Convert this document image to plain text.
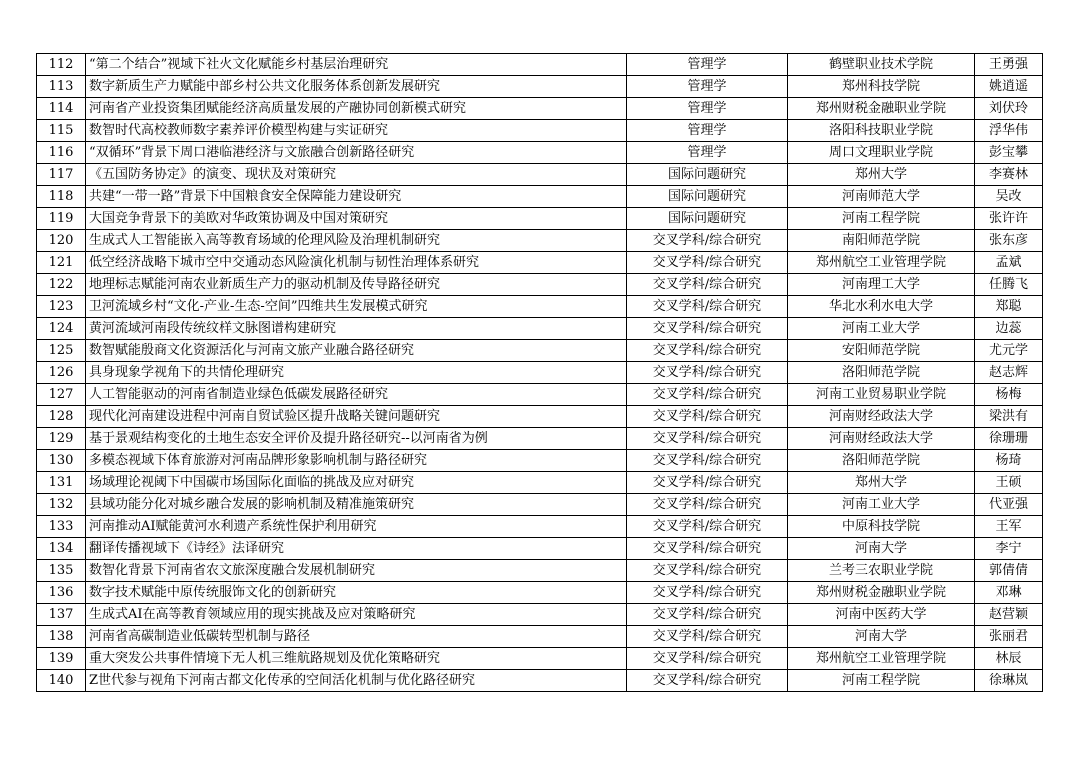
112	“第二个结合”视域下社火文化赋能乡村基层治理研究	管理学	鹤壁职业技术学院	王勇强
113	数字新质生产力赋能中部乡村公共文化服务体系创新发展研究	管理学	郑州科技学院	姚逍遥
114	河南省产业投资集团赋能经济高质量发展的产融协同创新模式研究	管理学	郑州财税金融职业学院	刘伏玲
115	数智时代高校教师数字素养评价模型构建与实证研究	管理学	洛阳科技职业学院	浮华伟
116	“双循环”背景下周口港临港经济与文旅融合创新路径研究	管理学	周口文理职业学院	彭宝攀
117	《五国防务协定》的演变、现状及对策研究	国际问题研究	郑州大学	李赛林
118	共建“一带一路”背景下中国粮食安全保障能力建设研究	国际问题研究	河南师范大学	吴改
119	大国竞争背景下的美欧对华政策协调及中国对策研究	国际问题研究	河南工程学院	张许许
120	生成式人工智能嵌入高等教育场域的伦理风险及治理机制研究	交叉学科/综合研究	南阳师范学院	张东彦
121	低空经济战略下城市空中交通动态风险演化机制与韧性治理体系研究	交叉学科/综合研究	郑州航空工业管理学院	孟斌
122	地理标志赋能河南农业新质生产力的驱动机制及传导路径研究	交叉学科/综合研究	河南理工大学	任腾飞
123	卫河流域乡村“文化-产业-生态-空间”四维共生发展模式研究	交叉学科/综合研究	华北水利水电大学	郑聪
124	黄河流域河南段传统纹样文脉图谱构建研究	交叉学科/综合研究	河南工业大学	边蕊
125	数智赋能殷商文化资源活化与河南文旅产业融合路径研究	交叉学科/综合研究	安阳师范学院	尤元学
126	具身现象学视角下的共情伦理研究	交叉学科/综合研究	洛阳师范学院	赵志辉
127	人工智能驱动的河南省制造业绿色低碳发展路径研究	交叉学科/综合研究	河南工业贸易职业学院	杨梅
128	现代化河南建设进程中河南自贸试验区提升战略关键问题研究	交叉学科/综合研究	河南财经政法大学	梁洪有
129	基于景观结构变化的土地生态安全评价及提升路径研究--以河南省为例	交叉学科/综合研究	河南财经政法大学	徐珊珊
130	多模态视域下体育旅游对河南品牌形象影响机制与路径研究	交叉学科/综合研究	洛阳师范学院	杨琦
131	场域理论视阈下中国碳市场国际化面临的挑战及应对研究	交叉学科/综合研究	郑州大学	王硕
132	县域功能分化对城乡融合发展的影响机制及精准施策研究	交叉学科/综合研究	河南工业大学	代亚强
133	河南推动AI赋能黄河水利遗产系统性保护利用研究	交叉学科/综合研究	中原科技学院	王军
134	翻译传播视域下《诗经》法译研究	交叉学科/综合研究	河南大学	李宁
135	数智化背景下河南省农文旅深度融合发展机制研究	交叉学科/综合研究	兰考三农职业学院	郭倩倩
136	数字技术赋能中原传统服饰文化的创新研究	交叉学科/综合研究	郑州财税金融职业学院	邓琳
137	生成式AI在高等教育领域应用的现实挑战及应对策略研究	交叉学科/综合研究	河南中医药大学	赵营颖
138	河南省高碳制造业低碳转型机制与路径	交叉学科/综合研究	河南大学	张丽君
139	重大突发公共事件情境下无人机三维航路规划及优化策略研究	交叉学科/综合研究	郑州航空工业管理学院	林辰
140	Z世代参与视角下河南古都文化传承的空间活化机制与优化路径研究	交叉学科/综合研究	河南工程学院	徐琳岚
